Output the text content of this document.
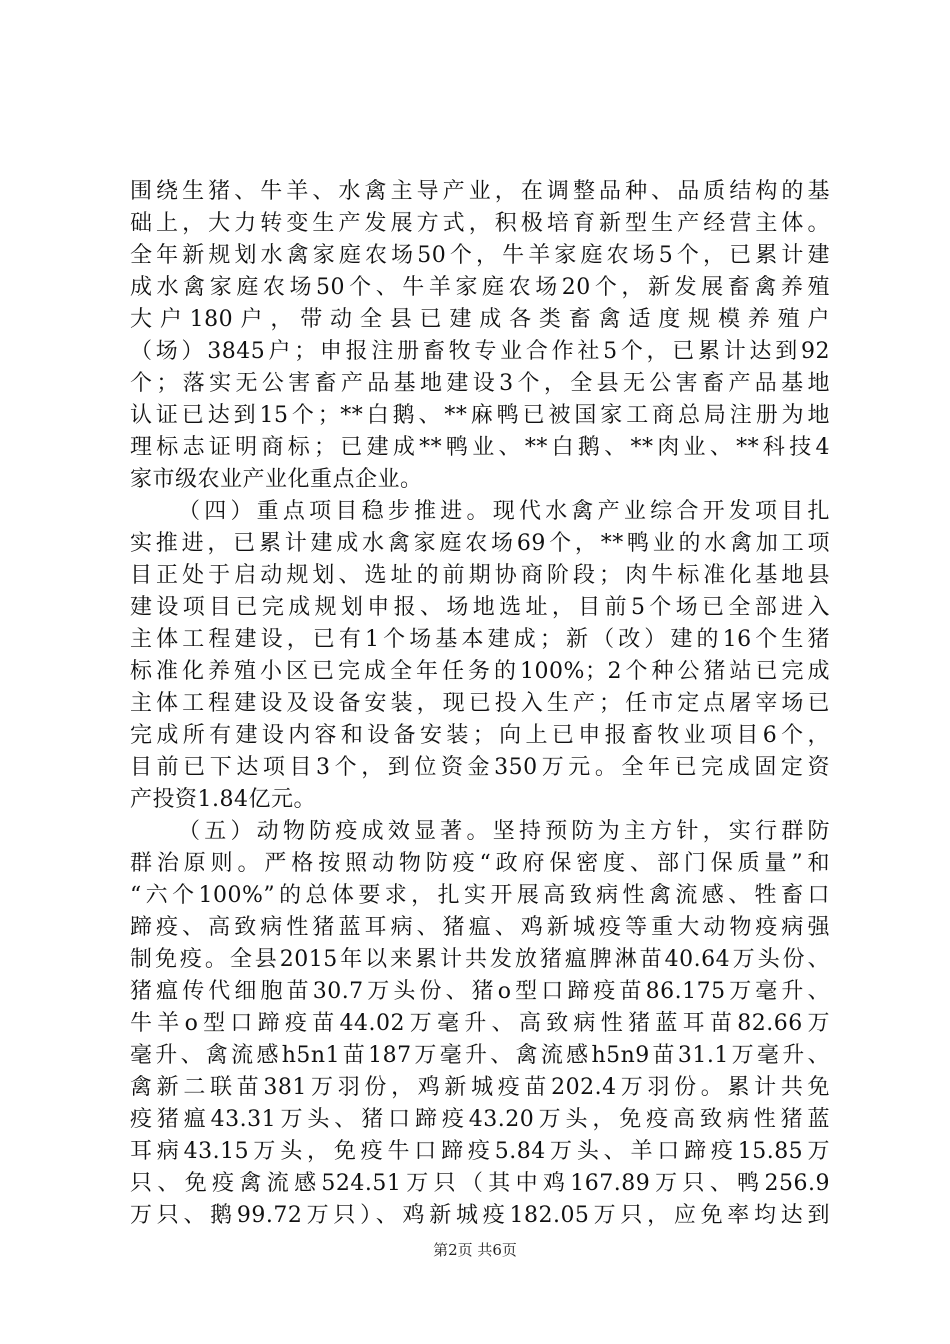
围绕生猪、牛羊、水禽主导产业，在调整品种、品质结构的基
础上，大力转变生产发展方式，积极培育新型生产经营主体。
全年新规划水禽家庭农场50个，牛羊家庭农场5个，已累计建
成水禽家庭农场50个、牛羊家庭农场20个，新发展畜禽养殖
大户180户，带动全县已建成各类畜禽适度规模养殖户
（场）3845户；申报注册畜牧专业合作社5个，已累计达到92
个；落实无公害畜产品基地建设3个，全县无公害畜产品基地
认证已达到15个；**白鹅、**麻鸭已被国家工商总局注册为地
理标志证明商标；已建成**鸭业、**白鹅、**肉业、**科技4
家市级农业产业化重点企业。
（四）重点项目稳步推进。现代水禽产业综合开发项目扎
实推进，已累计建成水禽家庭农场69个，**鸭业的水禽加工项
目正处于启动规划、选址的前期协商阶段；肉牛标准化基地县
建设项目已完成规划申报、场地选址，目前5个场已全部进入
主体工程建设，已有1个场基本建成；新（改）建的16个生猪
标准化养殖小区已完成全年任务的100%；2个种公猪站已完成
主体工程建设及设备安装，现已投入生产；任市定点屠宰场已
完成所有建设内容和设备安装；向上已申报畜牧业项目6个，
目前已下达项目3个，到位资金350万元。全年已完成固定资
产投资1.84亿元。
（五）动物防疫成效显著。坚持预防为主方针，实行群防
群治原则。严格按照动物防疫“政府保密度、部门保质量”和
“六个100%”的总体要求，扎实开展高致病性禽流感、牲畜口
蹄疫、高致病性猪蓝耳病、猪瘟、鸡新城疫等重大动物疫病强
制免疫。全县2015年以来累计共发放猪瘟脾淋苗40.64万头份、
猪瘟传代细胞苗30.7万头份、猪o型口蹄疫苗86.175万毫升、
牛羊o型口蹄疫苗44.02万毫升、高致病性猪蓝耳苗82.66万
毫升、禽流感h5n1苗187万毫升、禽流感h5n9苗31.1万毫升、
禽新二联苗381万羽份，鸡新城疫苗202.4万羽份。累计共免
疫猪瘟43.31万头、猪口蹄疫43.20万头，免疫高致病性猪蓝
耳病43.15万头，免疫牛口蹄疫5.84万头、羊口蹄疫15.85万
只、免疫禽流感524.51万只（其中鸡167.89万只、鸭256.9
万只、鹅99.72万只）、鸡新城疫182.05万只，应免率均达到
第2页 共6页
